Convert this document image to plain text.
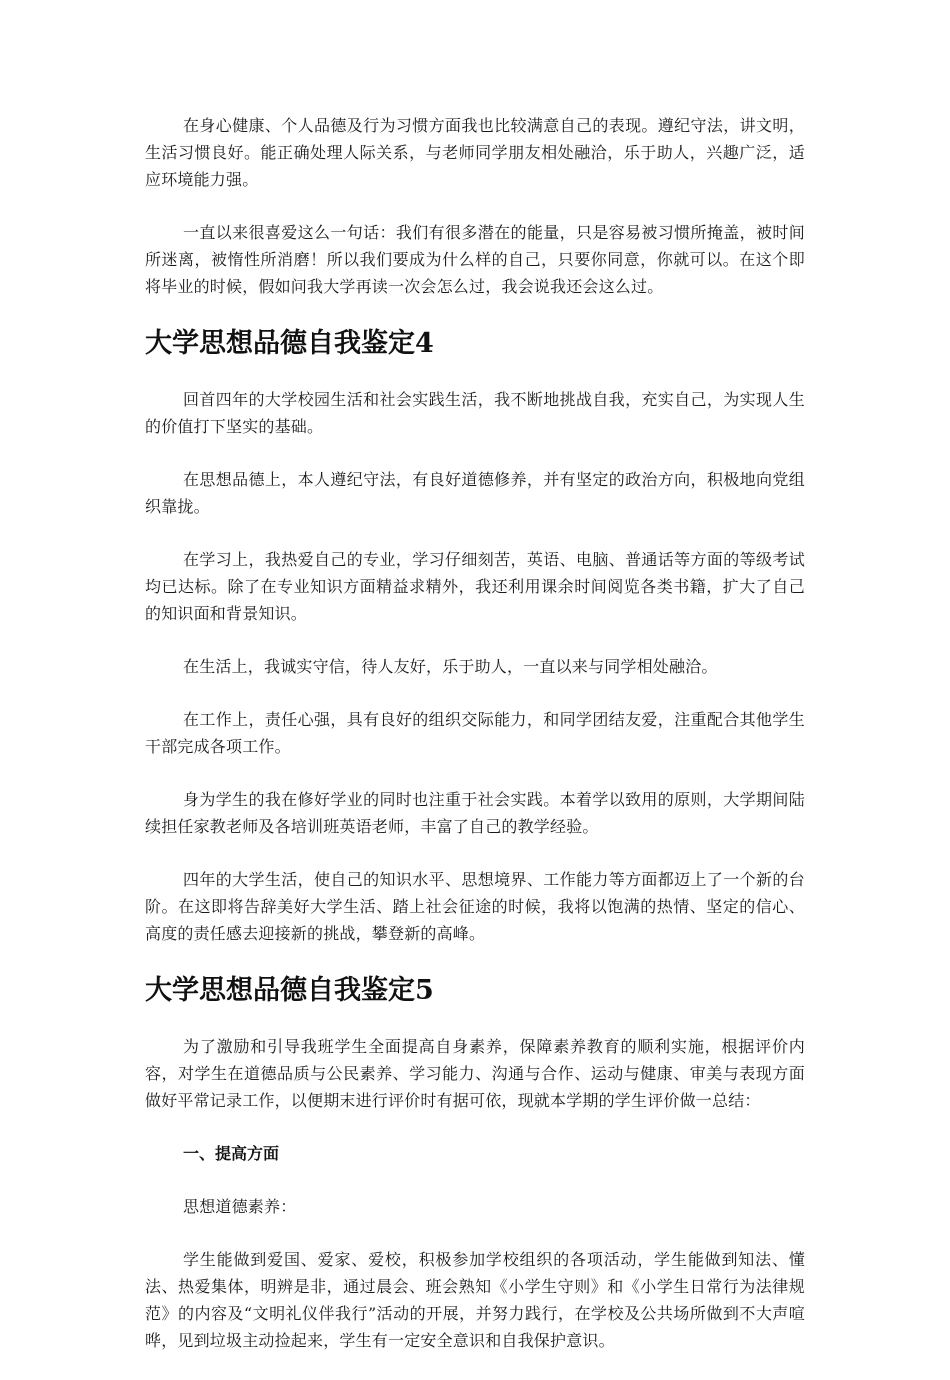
在身心健康、个人品德及行为习惯方面我也比较满意自己的表现。遵纪守法，讲文明，生活习惯良好。能正确处理人际关系，与老师同学朋友相处融洽，乐于助人，兴趣广泛，适应环境能力强。

一直以来很喜爱这么一句话：我们有很多潜在的能量，只是容易被习惯所掩盖，被时间所迷离，被惰性所消磨！所以我们要成为什么样的自己，只要你同意，你就可以。在这个即将毕业的时候，假如问我大学再读一次会怎么过，我会说我还会这么过。

大学思想品德自我鉴定4

回首四年的大学校园生活和社会实践生活，我不断地挑战自我，充实自己，为实现人生的价值打下坚实的基础。

在思想品德上，本人遵纪守法，有良好道德修养，并有坚定的政治方向，积极地向党组织靠拢。

在学习上，我热爱自己的专业，学习仔细刻苦，英语、电脑、普通话等方面的等级考试均已达标。除了在专业知识方面精益求精外，我还利用课余时间阅览各类书籍，扩大了自己的知识面和背景知识。

在生活上，我诚实守信，待人友好，乐于助人，一直以来与同学相处融洽。

在工作上，责任心强，具有良好的组织交际能力，和同学团结友爱，注重配合其他学生干部完成各项工作。

身为学生的我在修好学业的同时也注重于社会实践。本着学以致用的原则，大学期间陆续担任家教老师及各培训班英语老师，丰富了自己的教学经验。

四年的大学生活，使自己的知识水平、思想境界、工作能力等方面都迈上了一个新的台阶。在这即将告辞美好大学生活、踏上社会征途的时候，我将以饱满的热情、坚定的信心、高度的责任感去迎接新的挑战，攀登新的高峰。

大学思想品德自我鉴定5

为了激励和引导我班学生全面提高自身素养，保障素养教育的顺利实施，根据评价内容，对学生在道德品质与公民素养、学习能力、沟通与合作、运动与健康、审美与表现方面做好平常记录工作，以便期末进行评价时有据可依，现就本学期的学生评价做一总结：

一、提高方面

思想道德素养：

学生能做到爱国、爱家、爱校，积极参加学校组织的各项活动，学生能做到知法、懂法、热爱集体，明辨是非，通过晨会、班会熟知《小学生守则》和《小学生日常行为法律规范》的内容及“文明礼仪伴我行”活动的开展，并努力践行，在学校及公共场所做到不大声喧哗，见到垃圾主动捡起来，学生有一定安全意识和自我保护意识。
